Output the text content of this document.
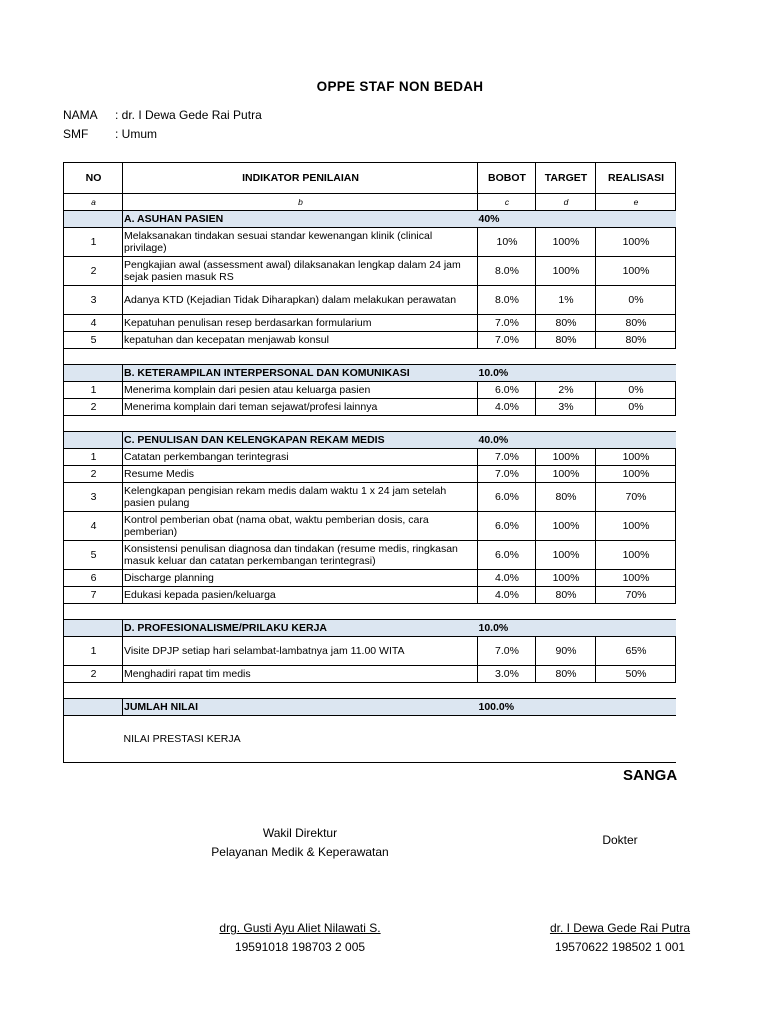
OPPE STAF NON BEDAH
NAMA : dr. I Dewa Gede Rai Putra
SMF : Umum
NO	INDIKATOR PENILAIAN	BOBOT	TARGET	REALISASI	
a	b	c	d	e	
	A. ASUHAN PASIEN	40%			
1	Melaksanakan tindakan sesuai standar kewenangan klinik (clinical privilage)	10%	100%	100%	
2	Pengkajian awal (assessment awal) dilaksanakan lengkap dalam 24 jam sejak pasien masuk RS	8.0%	100%	100%	
3	Adanya KTD (Kejadian Tidak Diharapkan) dalam melakukan perawatan	8.0%	1%	0%	
4	Kepatuhan penulisan resep berdasarkan formularium	7.0%	80%	80%	
5	kepatuhan dan kecepatan menjawab konsul	7.0%	80%	80%	

	B. KETERAMPILAN INTERPERSONAL DAN KOMUNIKASI	10.0%			
1	Menerima komplain dari pesien atau keluarga pasien	6.0%	2%	0%	
2	Menerima komplain dari teman sejawat/profesi lainnya	4.0%	3%	0%	

	C. PENULISAN DAN KELENGKAPAN REKAM MEDIS	40.0%			
1	Catatan perkembangan terintegrasi	7.0%	100%	100%	
2	Resume Medis	7.0%	100%	100%	
3	Kelengkapan pengisian rekam medis dalam waktu 1 x 24 jam setelah pasien pulang	6.0%	80%	70%	
4	Kontrol pemberian obat (nama obat, waktu pemberian dosis, cara pemberian)	6.0%	100%	100%	
5	Konsistensi penulisan diagnosa dan tindakan (resume medis, ringkasan masuk keluar dan catatan perkembangan terintegrasi)	6.0%	100%	100%	
6	Discharge planning	4.0%	100%	100%	
7	Edukasi kepada pasien/keluarga	4.0%	80%	70%	

	D. PROFESIONALISME/PRILAKU KERJA	10.0%			
1	Visite DPJP setiap hari selambat-lambatnya jam 11.00 WITA	7.0%	90%	65%	
2	Menghadiri rapat tim medis	3.0%	80%	50%	

	JUMLAH NILAI	100.0%			
	NILAI PRESTASI KERJA				
SANGA
Wakil Direktur
Pelayanan Medik & Keperawatan
Dokter
drg. Gusti Ayu Aliet Nilawati S.
19591018 198703 2 005
dr. I Dewa Gede Rai Putra
19570622 198502 1 001
